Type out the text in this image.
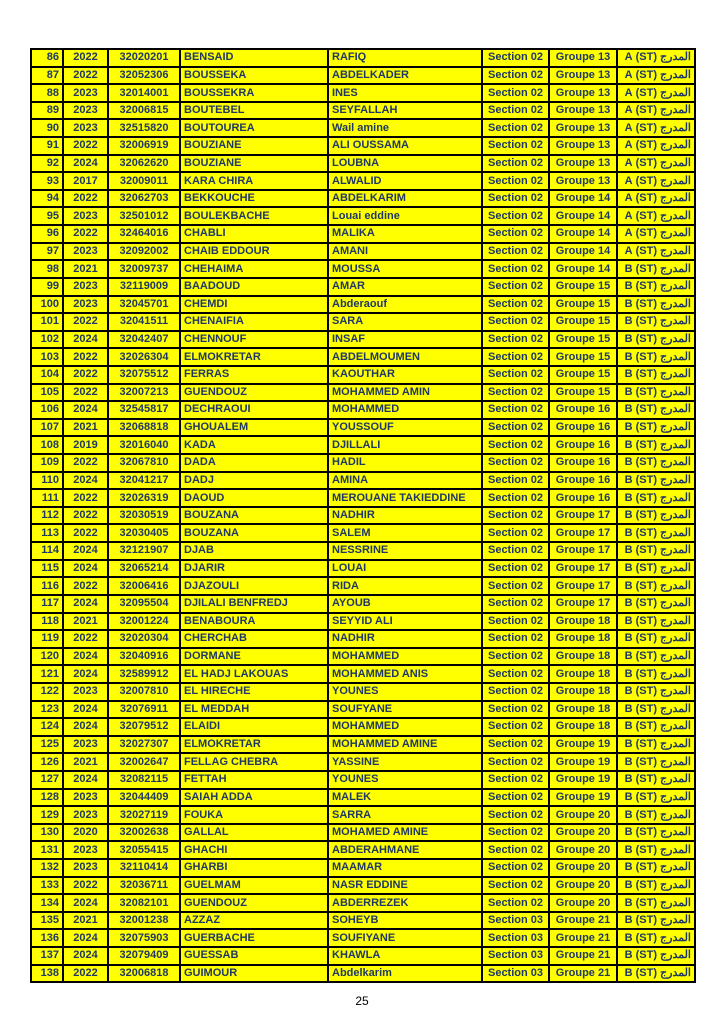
86	2022	32020201	BENSAID	RAFIQ	Section 02	Groupe 13	المدرج (ST) A
87	2022	32052306	BOUSSEKA	ABDELKADER	Section 02	Groupe 13	المدرج (ST) A
88	2023	32014001	BOUSSEKRA	INES	Section 02	Groupe 13	المدرج (ST) A
89	2023	32006815	BOUTEBEL	SEYFALLAH	Section 02	Groupe 13	المدرج (ST) A
90	2023	32515820	BOUTOUREA	Wail amine	Section 02	Groupe 13	المدرج (ST) A
91	2022	32006919	BOUZIANE	ALI OUSSAMA	Section 02	Groupe 13	المدرج (ST) A
92	2024	32062620	BOUZIANE	LOUBNA	Section 02	Groupe 13	المدرج (ST) A
93	2017	32009011	KARA CHIRA	ALWALID	Section 02	Groupe 13	المدرج (ST) A
94	2022	32062703	BEKKOUCHE	ABDELKARIM	Section 02	Groupe 14	المدرج (ST) A
95	2023	32501012	BOULEKBACHE	Louai eddine	Section 02	Groupe 14	المدرج (ST) A
96	2022	32464016	CHABLI	MALIKA	Section 02	Groupe 14	المدرج (ST) A
97	2023	32092002	CHAIB EDDOUR	AMANI	Section 02	Groupe 14	المدرج (ST) A
98	2021	32009737	CHEHAIMA	MOUSSA	Section 02	Groupe 14	المدرج (ST) B
99	2023	32119009	BAADOUD	AMAR	Section 02	Groupe 15	المدرج (ST) B
100	2023	32045701	CHEMDI	Abderaouf	Section 02	Groupe 15	المدرج (ST) B
101	2022	32041511	CHENAIFIA	SARA	Section 02	Groupe 15	المدرج (ST) B
102	2024	32042407	CHENNOUF	INSAF	Section 02	Groupe 15	المدرج (ST) B
103	2022	32026304	ELMOKRETAR	ABDELMOUMEN	Section 02	Groupe 15	المدرج (ST) B
104	2022	32075512	FERRAS	KAOUTHAR	Section 02	Groupe 15	المدرج (ST) B
105	2022	32007213	GUENDOUZ	MOHAMMED AMIN	Section 02	Groupe 15	المدرج (ST) B
106	2024	32545817	DECHRAOUI	MOHAMMED	Section 02	Groupe 16	المدرج (ST) B
107	2021	32068818	GHOUALEM	YOUSSOUF	Section 02	Groupe 16	المدرج (ST) B
108	2019	32016040	KADA	DJILLALI	Section 02	Groupe 16	المدرج (ST) B
109	2022	32067810	DADA	HADIL	Section 02	Groupe 16	المدرج (ST) B
110	2024	32041217	DADJ	AMINA	Section 02	Groupe 16	المدرج (ST) B
111	2022	32026319	DAOUD	MEROUANE TAKIEDDINE	Section 02	Groupe 16	المدرج (ST) B
112	2022	32030519	BOUZANA	NADHIR	Section 02	Groupe 17	المدرج (ST) B
113	2022	32030405	BOUZANA	SALEM	Section 02	Groupe 17	المدرج (ST) B
114	2024	32121907	DJAB	NESSRINE	Section 02	Groupe 17	المدرج (ST) B
115	2024	32065214	DJARIR	LOUAI	Section 02	Groupe 17	المدرج (ST) B
116	2022	32006416	DJAZOULI	RIDA	Section 02	Groupe 17	المدرج (ST) B
117	2024	32095504	DJILALI BENFREDJ	AYOUB	Section 02	Groupe 17	المدرج (ST) B
118	2021	32001224	BENABOURA	SEYYID ALI	Section 02	Groupe 18	المدرج (ST) B
119	2022	32020304	CHERCHAB	NADHIR	Section 02	Groupe 18	المدرج (ST) B
120	2024	32040916	DORMANE	MOHAMMED	Section 02	Groupe 18	المدرج (ST) B
121	2024	32589912	EL HADJ LAKOUAS	MOHAMMED ANIS	Section 02	Groupe 18	المدرج (ST) B
122	2023	32007810	EL HIRECHE	YOUNES	Section 02	Groupe 18	المدرج (ST) B
123	2024	32076911	EL MEDDAH	SOUFYANE	Section 02	Groupe 18	المدرج (ST) B
124	2024	32079512	ELAIDI	MOHAMMED	Section 02	Groupe 18	المدرج (ST) B
125	2023	32027307	ELMOKRETAR	MOHAMMED AMINE	Section 02	Groupe 19	المدرج (ST) B
126	2021	32002647	FELLAG CHEBRA	YASSINE	Section 02	Groupe 19	المدرج (ST) B
127	2024	32082115	FETTAH	YOUNES	Section 02	Groupe 19	المدرج (ST) B
128	2023	32044409	SAIAH ADDA	MALEK	Section 02	Groupe 19	المدرج (ST) B
129	2023	32027119	FOUKA	SARRA	Section 02	Groupe 20	المدرج (ST) B
130	2020	32002638	GALLAL	MOHAMED AMINE	Section 02	Groupe 20	المدرج (ST) B
131	2023	32055415	GHACHI	ABDERAHMANE	Section 02	Groupe 20	المدرج (ST) B
132	2023	32110414	GHARBI	MAAMAR	Section 02	Groupe 20	المدرج (ST) B
133	2022	32036711	GUELMAM	NASR EDDINE	Section 02	Groupe 20	المدرج (ST) B
134	2024	32082101	GUENDOUZ	ABDERREZEK	Section 02	Groupe 20	المدرج (ST) B
135	2021	32001238	AZZAZ	SOHEYB	Section 03	Groupe 21	المدرج (ST) B
136	2024	32075903	GUERBACHE	SOUFIYANE	Section 03	Groupe 21	المدرج (ST) B
137	2024	32079409	GUESSAB	KHAWLA	Section 03	Groupe 21	المدرج (ST) B
138	2022	32006818	GUIMOUR	Abdelkarim	Section 03	Groupe 21	المدرج (ST) B
25
